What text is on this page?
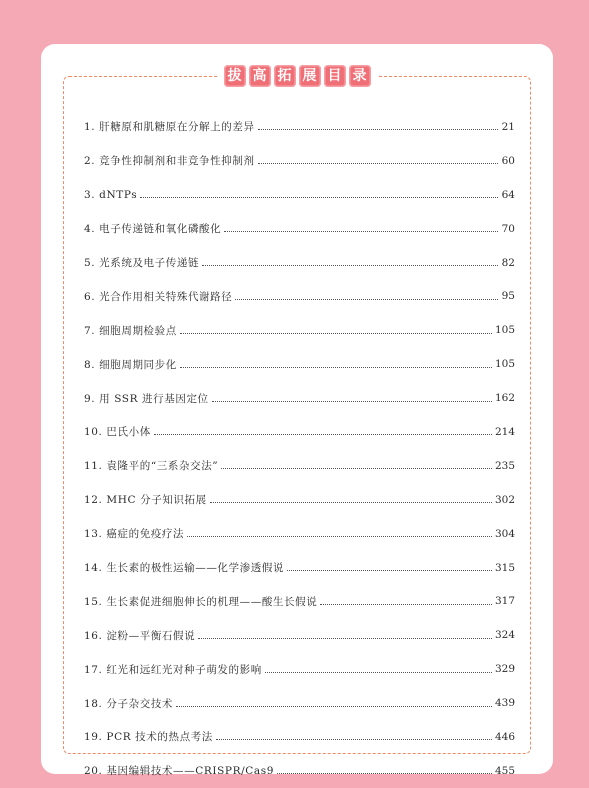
拔 高 拓 展 目 录
1. 肝糖原和肌糖原在分解上的差异	21
2. 竞争性抑制剂和非竞争性抑制剂	60
3. dNTPs	64
4. 电子传递链和氧化磷酸化	70
5. 光系统及电子传递链	82
6. 光合作用相关特殊代谢路径	95
7. 细胞周期检验点	105
8. 细胞周期同步化	105
9. 用 SSR 进行基因定位	162
10. 巴氏小体	214
11. 袁隆平的“三系杂交法”	235
12. MHC 分子知识拓展	302
13. 癌症的免疫疗法	304
14. 生长素的极性运输——化学渗透假说	315
15. 生长素促进细胞伸长的机理——酸生长假说	317
16. 淀粉—平衡石假说	324
17. 红光和远红光对种子萌发的影响	329
18. 分子杂交技术	439
19. PCR 技术的热点考法	446
20. 基因编辑技术——CRISPR/Cas9	455
